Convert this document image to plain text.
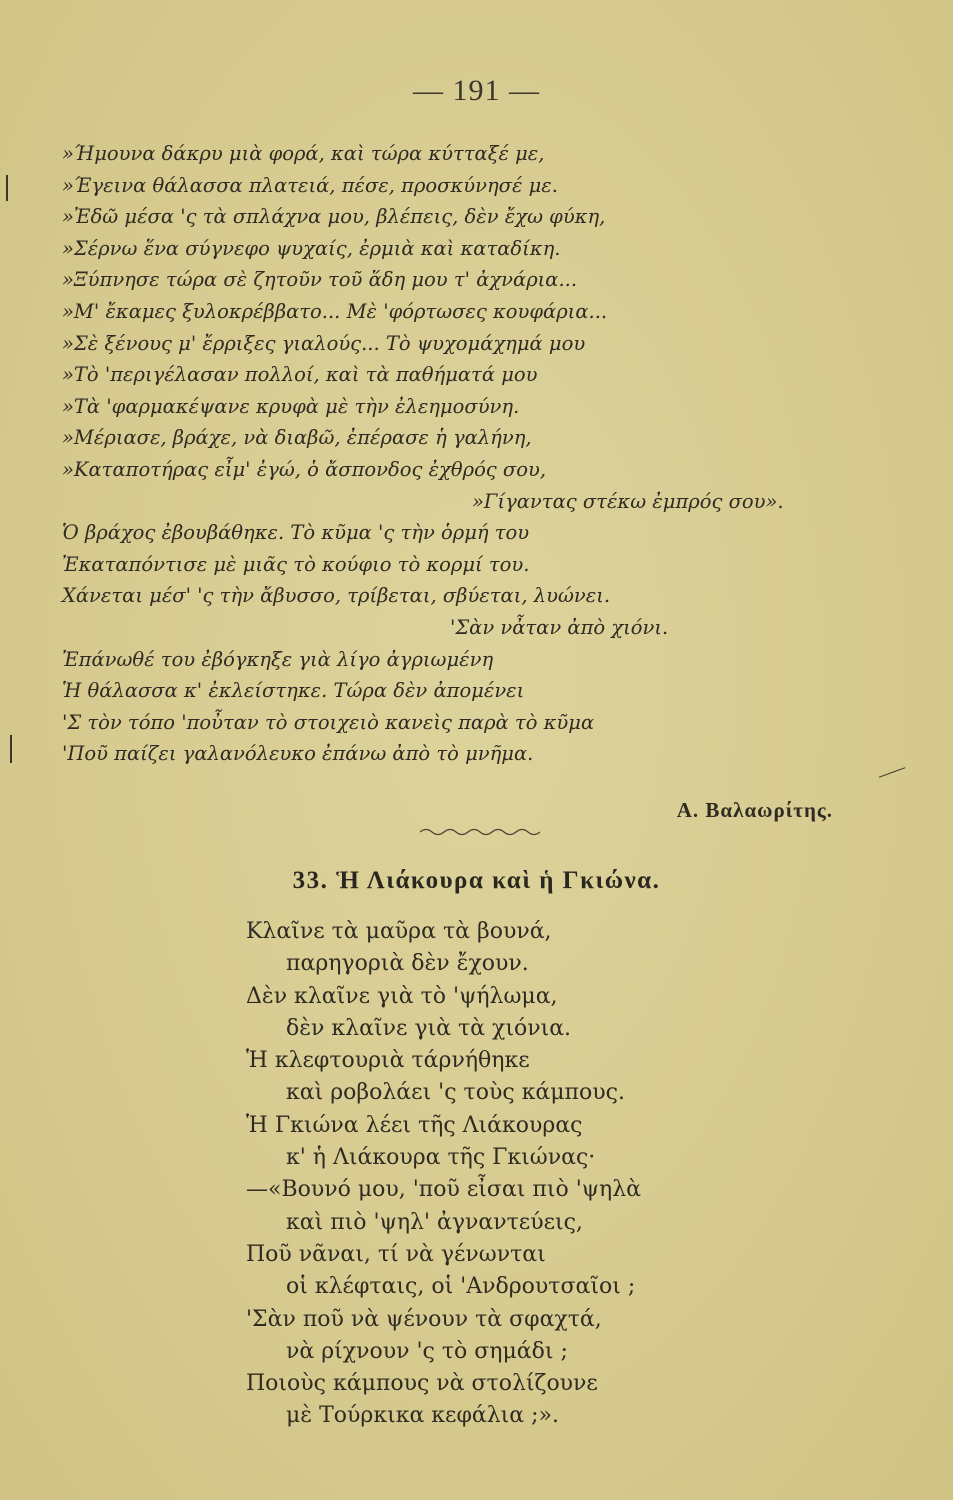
— 191 —
»Ήμουνα δάκρυ μιὰ φορά, καὶ τώρα κύτταξέ με,
»Έγεινα θάλασσα πλατειά, πέσε, προσκύνησέ με.
»Ἐδῶ μέσα 'ς τὰ σπλάχνα μου, βλέπεις, δὲν ἔχω φύκη,
»Σέρνω ἕνα σύγνεφο ψυχαίς, ἐρμιὰ καὶ καταδίκη.
»Ξύπνησε τώρα σὲ ζητοῦν τοῦ ἅδη μου τ' ἀχνάρια...
»Μ' ἔκαμες ξυλοκρέββατο... Μὲ 'φόρτωσες κουφάρια...
»Σὲ ξένους μ' ἔρριξες γιαλούς... Τὸ ψυχομάχημά μου
»Τὸ 'περιγέλασαν πολλοί, καὶ τὰ παθήματά μου
»Τὰ 'φαρμακέψανε κρυφὰ μὲ τὴν ἐλεημοσύνη.
»Μέριασε, βράχε, νὰ διαβῶ, ἐπέρασε ἡ γαλήνη,
»Καταποτήρας εἶμ' ἐγώ, ὁ ἄσπονδος ἐχθρός σου,
»Γίγαντας στέκω ἐμπρός σου».
Ὁ βράχος ἐβουβάθηκε. Τὸ κῦμα 'ς τὴν ὁρμή του
Ἐκαταπόντισε μὲ μιᾶς τὸ κούφιο τὸ κορμί του.
Χάνεται μέσ' 'ς τὴν ἄβυσσο, τρίβεται, σβύεται, λυώνει.
'Σὰν νἆταν ἀπὸ χιόνι.
Ἐπάνωθέ του ἐβόγκηξε γιὰ λίγο ἀγριωμένη
Ἡ θάλασσα κ' ἐκλείστηκε. Τώρα δὲν ἀπομένει
'Σ τὸν τόπο 'ποὖταν τὸ στοιχειὸ κανεὶς παρὰ τὸ κῦμα
'Ποῦ παίζει γαλανόλευκο ἐπάνω ἀπὸ τὸ μνῆμα.
Α. Βαλαωρίτης.
33. Ἡ Λιάκουρα καὶ ἡ Γκιώνα.
Κλαῖνε τὰ μαῦρα τὰ βουνά,
παρηγοριὰ δὲν ἔχουν.
Δὲν κλαῖνε γιὰ τὸ 'ψήλωμα,
δὲν κλαῖνε γιὰ τὰ χιόνια.
Ἡ κλεφτουριὰ τάρνήθηκε
καὶ ροβολάει 'ς τοὺς κάμπους.
Ἡ Γκιώνα λέει τῆς Λιάκουρας
κ' ἡ Λιάκουρα τῆς Γκιώνας·
—«Βουνό μου, 'ποῦ εἶσαι πιὸ 'ψηλὰ
καὶ πιὸ 'ψηλ' ἀγναντεύεις,
Ποῦ νᾶναι, τί νὰ γένωνται
οἱ κλέφταις, οἱ 'Ανδρουτσαῖοι ;
'Σὰν ποῦ νὰ ψένουν τὰ σφαχτά,
νὰ ρίχνουν 'ς τὸ σημάδι ;
Ποιοὺς κάμπους νὰ στολίζουνε
μὲ Τούρκικα κεφάλια ;».
